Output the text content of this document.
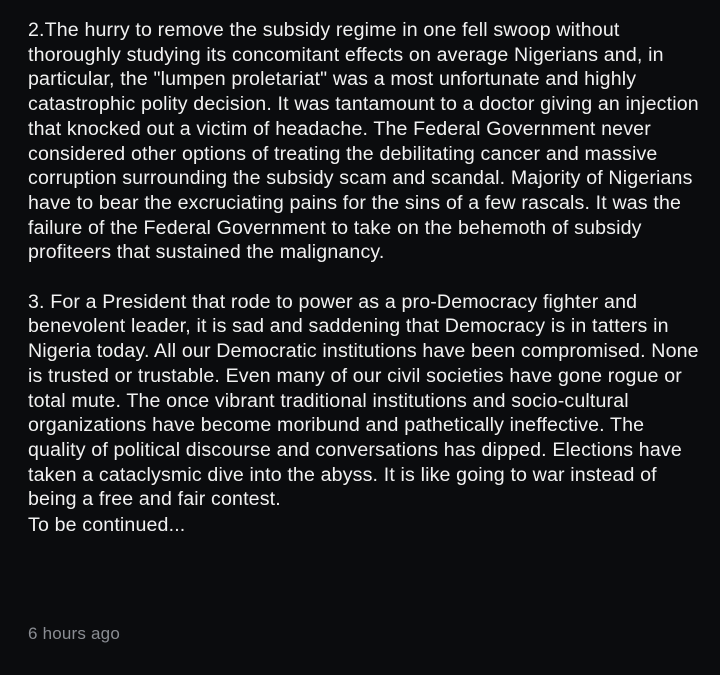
2.The hurry to remove the subsidy regime in one fell swoop without thoroughly studying its concomitant effects on average Nigerians and, in particular, the "lumpen proletariat" was a most unfortunate and highly catastrophic polity decision. It was tantamount to a doctor giving an injection that knocked out a victim of headache. The Federal Government never considered other options of treating the debilitating cancer and massive corruption surrounding the subsidy scam and scandal. Majority of Nigerians have to bear the excruciating pains for the sins of a few rascals. It was the failure of the Federal Government to take on the behemoth of subsidy profiteers that sustained the malignancy.

3. For a President that rode to power as a pro-Democracy fighter and benevolent leader, it is sad and saddening that Democracy is in tatters in Nigeria today. All our Democratic institutions have been compromised. None is trusted or trustable. Even many of our civil societies have gone rogue or total mute. The once vibrant traditional institutions and socio-cultural organizations have become moribund and pathetically ineffective. The quality of political discourse and conversations has dipped. Elections have taken a cataclysmic dive into the abyss. It is like going to war instead of being a free and fair contest.

To be continued...

6 hours ago
